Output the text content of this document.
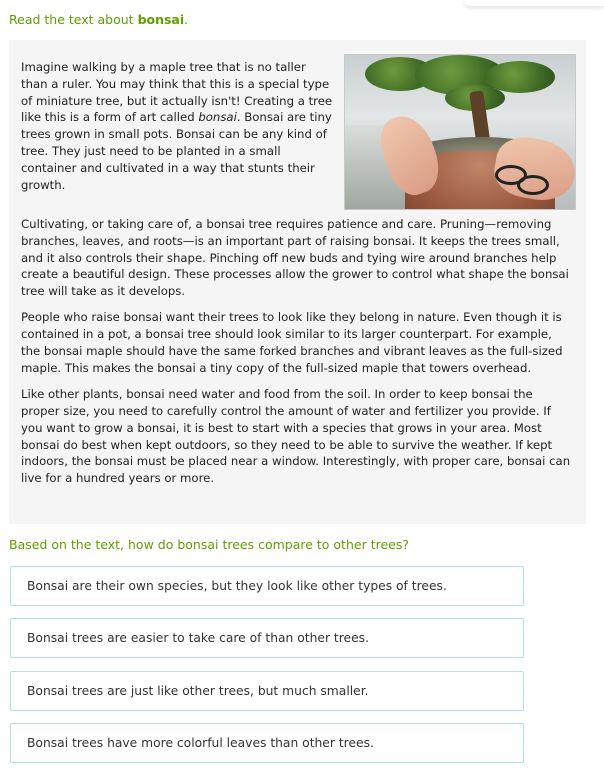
Read the text about bonsai.

Imagine walking by a maple tree that is no taller than a ruler. You may think that this is a special type of miniature tree, but it actually isn't! Creating a tree like this is a form of art called bonsai. Bonsai are tiny trees grown in small pots. Bonsai can be any kind of tree. They just need to be planted in a small container and cultivated in a way that stunts their growth.

Cultivating, or taking care of, a bonsai tree requires patience and care. Pruning—removing branches, leaves, and roots—is an important part of raising bonsai. It keeps the trees small, and it also controls their shape. Pinching off new buds and tying wire around branches help create a beautiful design. These processes allow the grower to control what shape the bonsai tree will take as it develops.

People who raise bonsai want their trees to look like they belong in nature. Even though it is contained in a pot, a bonsai tree should look similar to its larger counterpart. For example, the bonsai maple should have the same forked branches and vibrant leaves as the full-sized maple. This makes the bonsai a tiny copy of the full-sized maple that towers overhead.

Like other plants, bonsai need water and food from the soil. In order to keep bonsai the proper size, you need to carefully control the amount of water and fertilizer you provide. If you want to grow a bonsai, it is best to start with a species that grows in your area. Most bonsai do best when kept outdoors, so they need to be able to survive the weather. If kept indoors, the bonsai must be placed near a window. Interestingly, with proper care, bonsai can live for a hundred years or more.

Based on the text, how do bonsai trees compare to other trees?
Bonsai are their own species, but they look like other types of trees.
Bonsai trees are easier to take care of than other trees.
Bonsai trees are just like other trees, but much smaller.
Bonsai trees have more colorful leaves than other trees.
